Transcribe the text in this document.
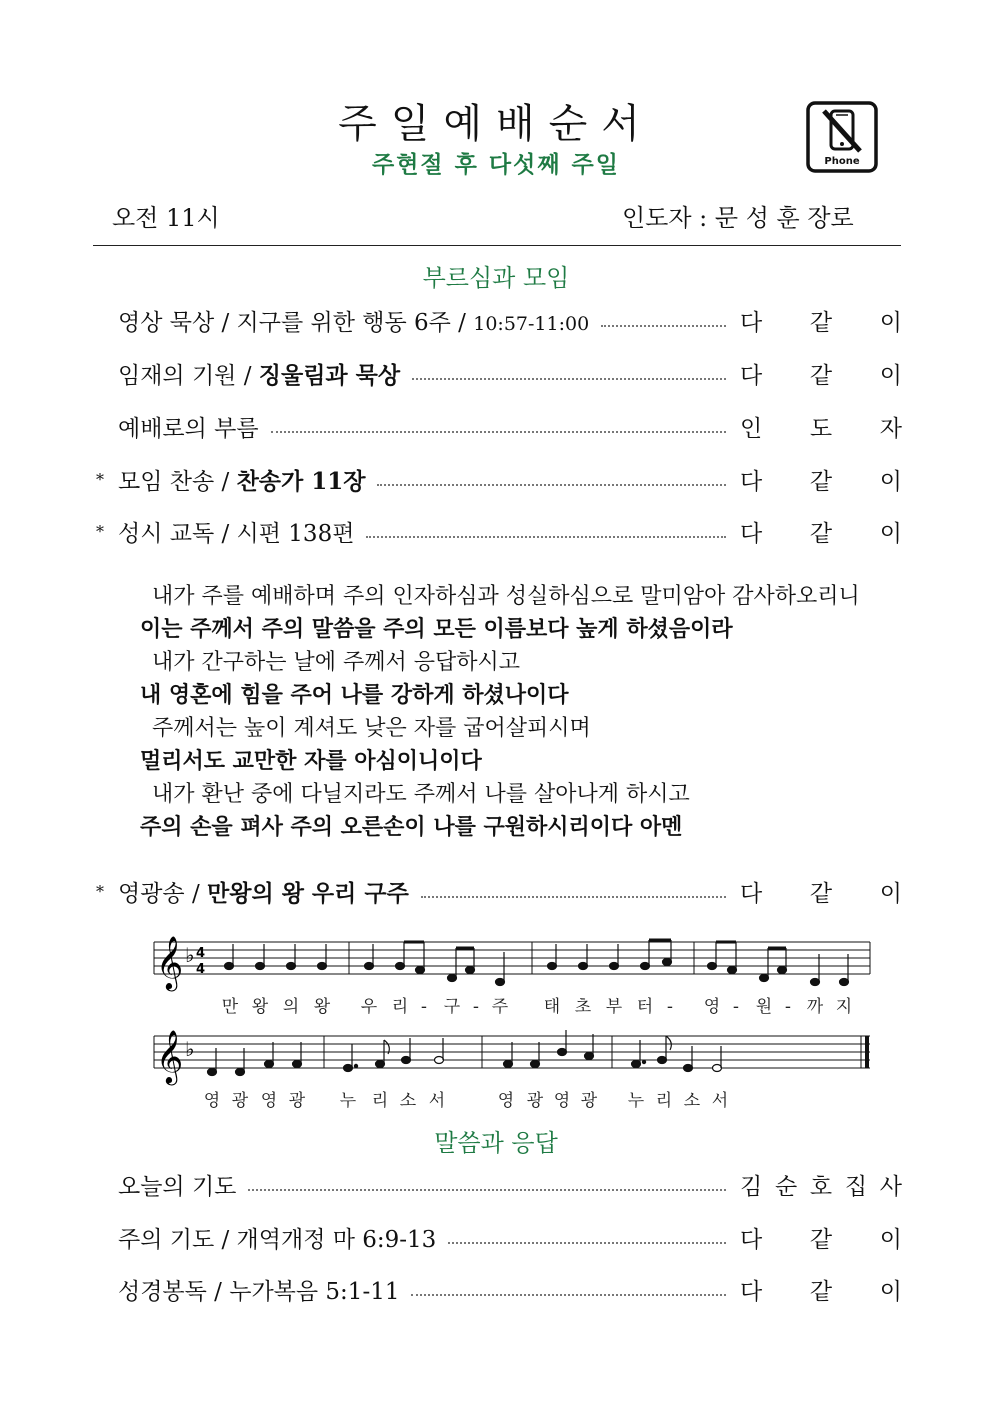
주일예배순서
주현절 후 다섯째 주일	Phone
오전 11시	인도자 : 문 성 훈 장로
부르심과 모임
영상 묵상 / 지구를 위한 행동 6주 / 10:57-11:00	다 같 이
임재의 기원 / 징울림과 묵상	다 같 이
예배로의 부름	인 도 자
* 모임 찬송 / 찬송가 11장	다 같 이
* 성시 교독 / 시편 138편	다 같 이
내가 주를 예배하며 주의 인자하심과 성실하심으로 말미암아 감사하오리니
이는 주께서 주의 말씀을 주의 모든 이름보다 높게 하셨음이라
내가 간구하는 날에 주께서 응답하시고
내 영혼에 힘을 주어 나를 강하게 하셨나이다
주께서는 높이 계셔도 낮은 자를 굽어살피시며
멀리서도 교만한 자를 아심이니이다
내가 환난 중에 다닐지라도 주께서 나를 살아나게 하시고
주의 손을 펴사 주의 오른손이 나를 구원하시리이다 아멘
* 영광송 / 만왕의 왕 우리 구주	다 같 이
𝄞 ♭ 4
4
만 왕 의 왕 우 리 - 구 - 주 태 초 부 터 - 영 - 원 - 까 지
𝄞 ♭
영 광 영 광 누 리 소 서	영 광 영 광 누 리 소 서
말씀과 응답
오늘의 기도	김 순 호 집 사
주의 기도 / 개역개정 마 6:9-13	다 같 이
성경봉독 / 누가복음 5:1-11	다 같 이
